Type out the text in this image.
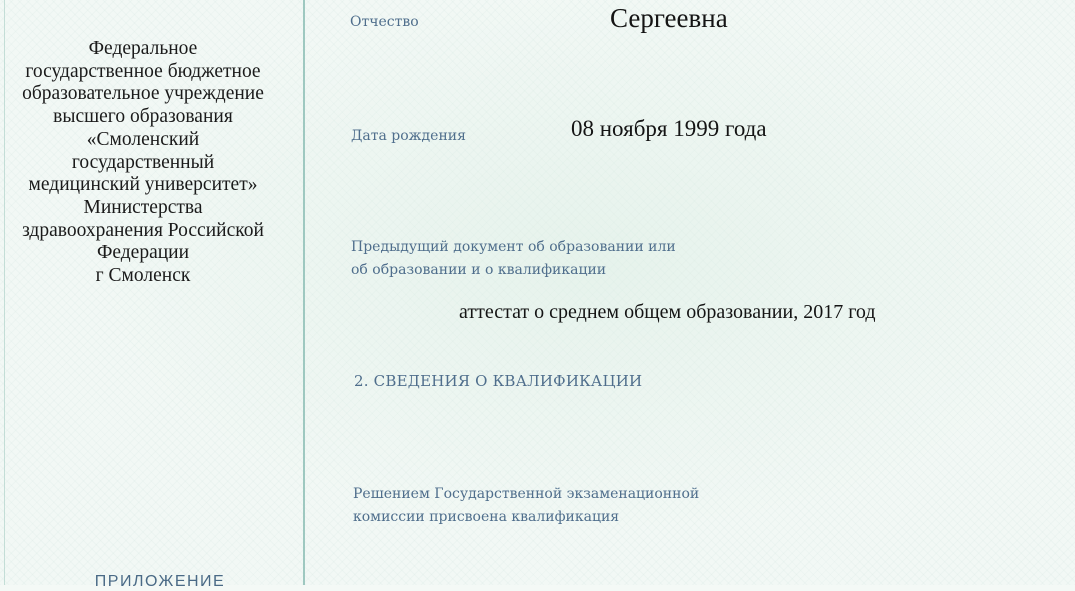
Федеральное
государственное бюджетное
образовательное учреждение
высшего образования
«Смоленский
государственный
медицинский университет»
Министерства
здравоохранения Российской
Федерации
г Смоленск
ПРИЛОЖЕНИЕ
Отчество	Сергеевна
Дата рождения	08 ноября 1999 года
Предыдущий документ об образовании или
об образовании и о квалификации
аттестат о среднем общем образовании, 2017 год
2. СВЕДЕНИЯ О КВАЛИФИКАЦИИ
Решением Государственной экзаменационной
комиссии присвоена квалификация
